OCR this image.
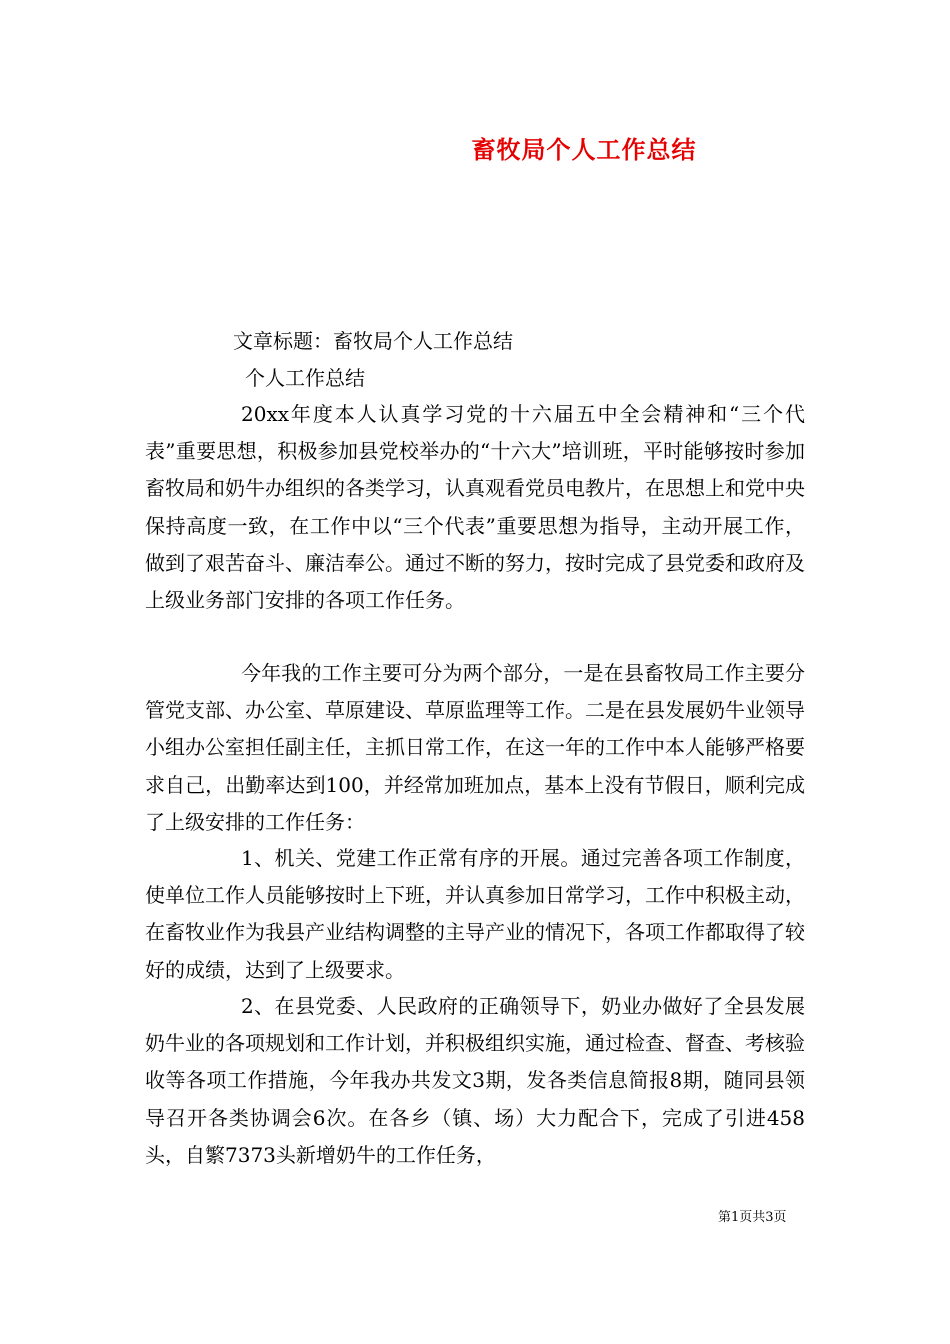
畜牧局个人工作总结
文章标题：畜牧局个人工作总结
个人工作总结
20xx年度本人认真学习党的十六届五中全会精神和“三个代表”重要思想，积极参加县党校举办的“十六大”培训班，平时能够按时参加畜牧局和奶牛办组织的各类学习，认真观看党员电教片，在思想上和党中央保持高度一致，在工作中以“三个代表”重要思想为指导，主动开展工作，做到了艰苦奋斗、廉洁奉公。通过不断的努力，按时完成了县党委和政府及上级业务部门安排的各项工作任务。
今年我的工作主要可分为两个部分，一是在县畜牧局工作主要分管党支部、办公室、草原建设、草原监理等工作。二是在县发展奶牛业领导小组办公室担任副主任，主抓日常工作，在这一年的工作中本人能够严格要求自己，出勤率达到100，并经常加班加点，基本上没有节假日，顺利完成了上级安排的工作任务：
1、机关、党建工作正常有序的开展。通过完善各项工作制度，使单位工作人员能够按时上下班，并认真参加日常学习，工作中积极主动，在畜牧业作为我县产业结构调整的主导产业的情况下，各项工作都取得了较好的成绩，达到了上级要求。
2、在县党委、人民政府的正确领导下，奶业办做好了全县发展奶牛业的各项规划和工作计划，并积极组织实施，通过检查、督查、考核验收等各项工作措施，今年我办共发文3期，发各类信息简报8期，随同县领导召开各类协调会6次。在各乡（镇、场）大力配合下，完成了引进458头，自繁7373头新增奶牛的工作任务，
第1页共3页
